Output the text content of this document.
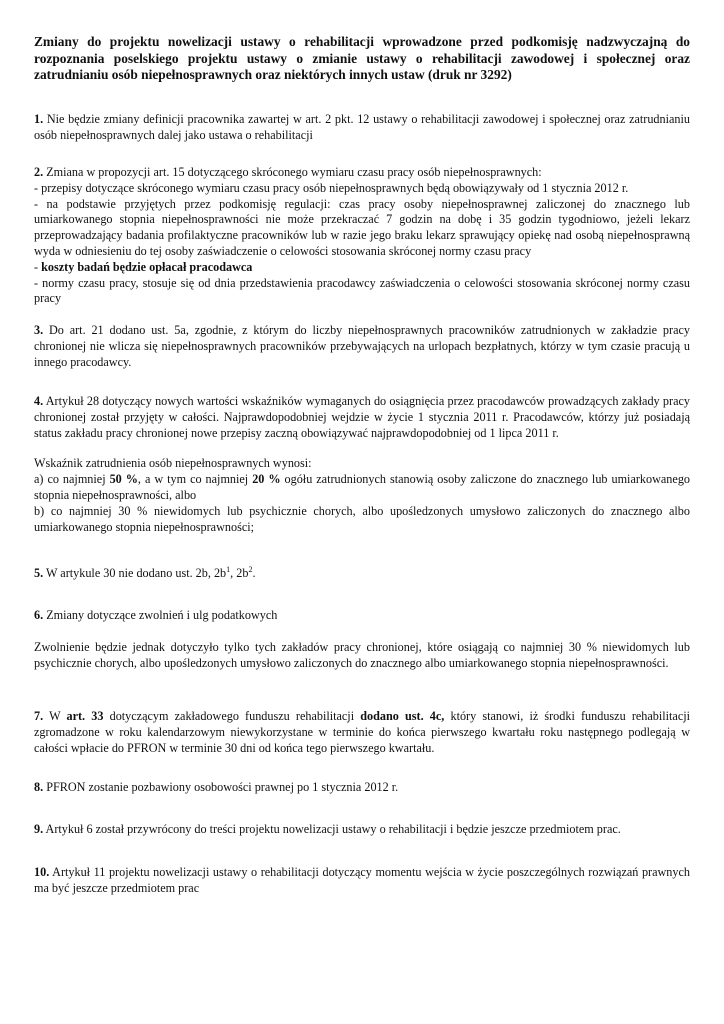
Zmiany do projektu nowelizacji ustawy o rehabilitacji wprowadzone przed podkomisję nadzwyczajną do rozpoznania poselskiego projektu ustawy o zmianie ustawy o rehabilitacji zawodowej i społecznej oraz zatrudnianiu osób niepełnosprawnych oraz niektórych innych ustaw (druk nr 3292)

1. Nie będzie zmiany definicji pracownika zawartej w art. 2 pkt. 12 ustawy o rehabilitacji zawodowej i społecznej oraz zatrudnianiu osób niepełnosprawnych dalej jako ustawa o rehabilitacji

2. Zmiana w propozycji art. 15 dotyczącego skróconego wymiaru czasu pracy osób niepełnosprawnych:

- przepisy dotyczące skróconego wymiaru czasu pracy osób niepełnosprawnych będą obowiązywały od 1 stycznia 2012 r.

- na podstawie przyjętych przez podkomisję regulacji: czas pracy osoby niepełnosprawnej zaliczonej do znacznego lub umiarkowanego stopnia niepełnosprawności nie może przekraczać 7 godzin na dobę i 35 godzin tygodniowo, jeżeli lekarz przeprowadzający badania profilaktyczne pracowników lub w razie jego braku lekarz sprawujący opiekę nad osobą niepełnosprawną wyda w odniesieniu do tej osoby zaświadczenie o celowości stosowania skróconej normy czasu pracy

- koszty badań będzie opłacał pracodawca

- normy czasu pracy, stosuje się od dnia przedstawienia pracodawcy zaświadczenia o celowości stosowania skróconej normy czasu pracy

3. Do art. 21 dodano ust. 5a, zgodnie, z którym do liczby niepełnosprawnych pracowników zatrudnionych w zakładzie pracy chronionej nie wlicza się niepełnosprawnych pracowników przebywających na urlopach bezpłatnych, którzy w tym czasie pracują u innego pracodawcy.

4. Artykuł 28 dotyczący nowych wartości wskaźników wymaganych do osiągnięcia przez pracodawców prowadzących zakłady pracy chronionej został przyjęty w całości. Najprawdopodobniej wejdzie w życie 1 stycznia 2011 r. Pracodawców, którzy już posiadają status zakładu pracy chronionej nowe przepisy zaczną obowiązywać najprawdopodobniej od 1 lipca 2011 r.

Wskaźnik zatrudnienia osób niepełnosprawnych wynosi:

a) co najmniej 50 %, a w tym co najmniej 20 % ogółu zatrudnionych stanowią osoby zaliczone do znacznego lub umiarkowanego stopnia niepełnosprawności, albo

b) co najmniej 30 % niewidomych lub psychicznie chorych, albo upośledzonych umysłowo zaliczonych do znacznego albo umiarkowanego stopnia niepełnosprawności;

5. W artykule 30 nie dodano ust. 2b, $2b^1$, $2b^2$.

6. Zmiany dotyczące zwolnień i ulg podatkowych

Zwolnienie będzie jednak dotyczyło tylko tych zakładów pracy chronionej, które osiągają co najmniej 30 % niewidomych lub psychicznie chorych, albo upośledzonych umysłowo zaliczonych do znacznego albo umiarkowanego stopnia niepełnosprawności.

7. W art. 33 dotyczącym zakładowego funduszu rehabilitacji dodano ust. 4c, który stanowi, iż środki funduszu rehabilitacji zgromadzone w roku kalendarzowym niewykorzystane w terminie do końca pierwszego kwartału roku następnego podlegają w całości wpłacie do PFRON w terminie 30 dni od końca tego pierwszego kwartału.

8. PFRON zostanie pozbawiony osobowości prawnej po 1 stycznia 2012 r.

9. Artykuł 6 został przywrócony do treści projektu nowelizacji ustawy o rehabilitacji i będzie jeszcze przedmiotem prac.

10. Artykuł 11 projektu nowelizacji ustawy o rehabilitacji dotyczący momentu wejścia w życie poszczególnych rozwiązań prawnych ma być jeszcze przedmiotem prac
